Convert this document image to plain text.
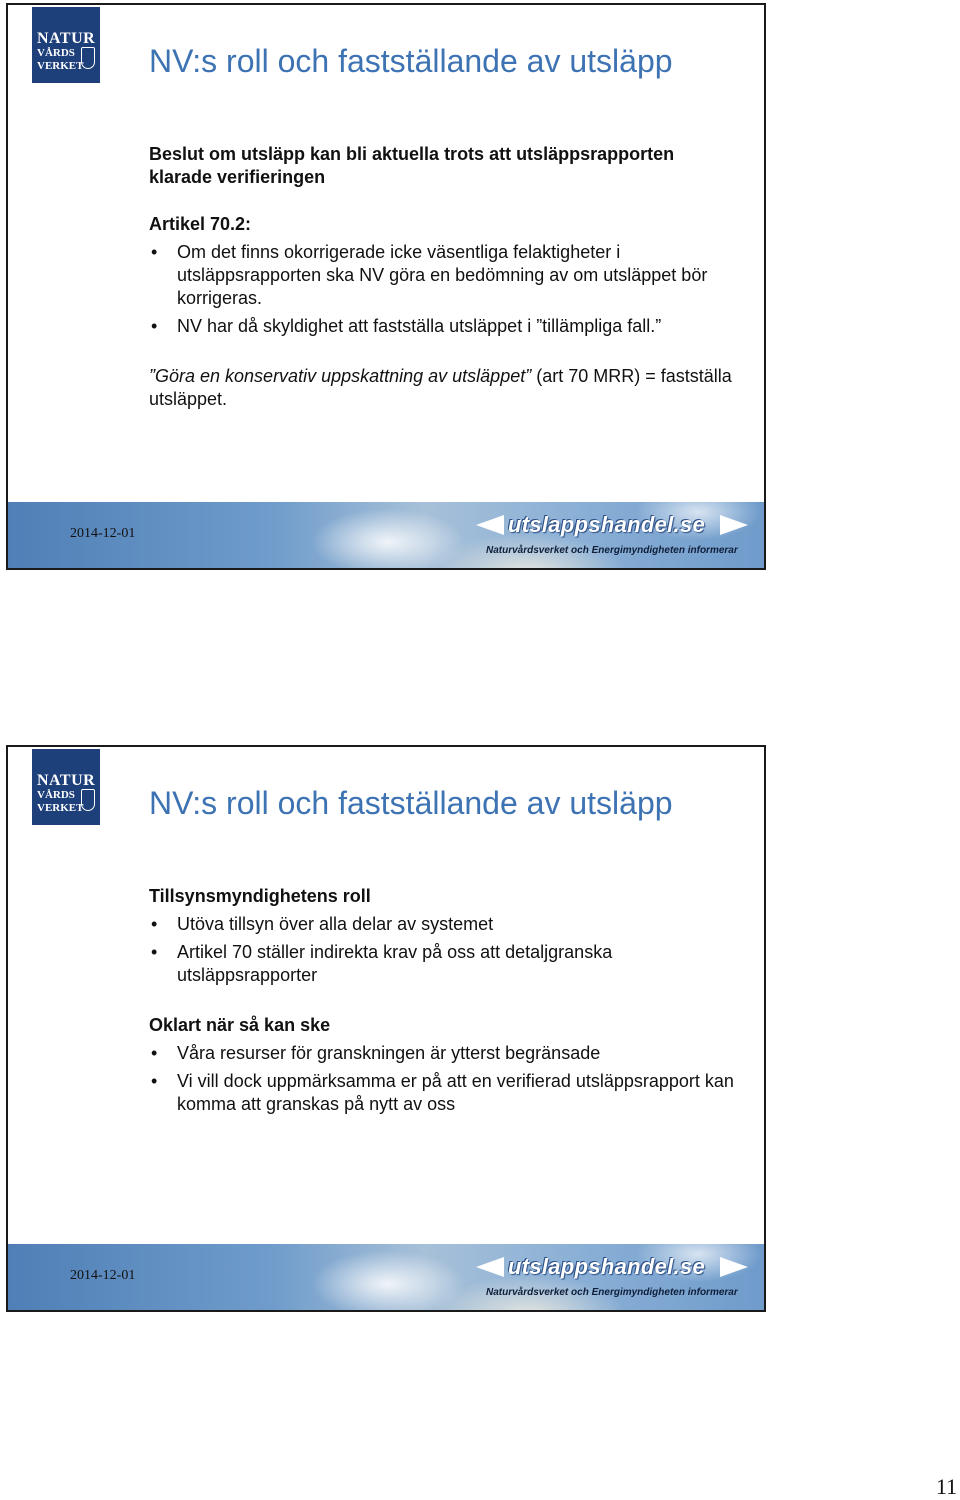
NATUR
VÅRDS
VERKET	NV:s roll och fastställande av utsläpp
Beslut om utsläpp kan bli aktuella trots att utsläppsrapporten klarade verifieringen
Artikel 70.2:
• Om det finns okorrigerade icke väsentliga felaktigheter i utsläppsrapporten ska NV göra en bedömning av om utsläppet bör korrigeras.
• NV har då skyldighet att fastställa utsläppet i ”tillämpliga fall.”
”Göra en konservativ uppskattning av utsläppet” (art 70 MRR) = fastställa utsläppet.
2014-12-01	utslappshandel.se
Naturvårdsverket och Energimyndigheten informerar
NATUR
VÅRDS
VERKET	NV:s roll och fastställande av utsläpp
Tillsynsmyndighetens roll
• Utöva tillsyn över alla delar av systemet
• Artikel 70 ställer indirekta krav på oss att detaljgranska utsläppsrapporter
Oklart när så kan ske
• Våra resurser för granskningen är ytterst begränsade
• Vi vill dock uppmärksamma er på att en verifierad utsläppsrapport kan komma att granskas på nytt av oss
2014-12-01	utslappshandel.se
Naturvårdsverket och Energimyndigheten informerar
11
